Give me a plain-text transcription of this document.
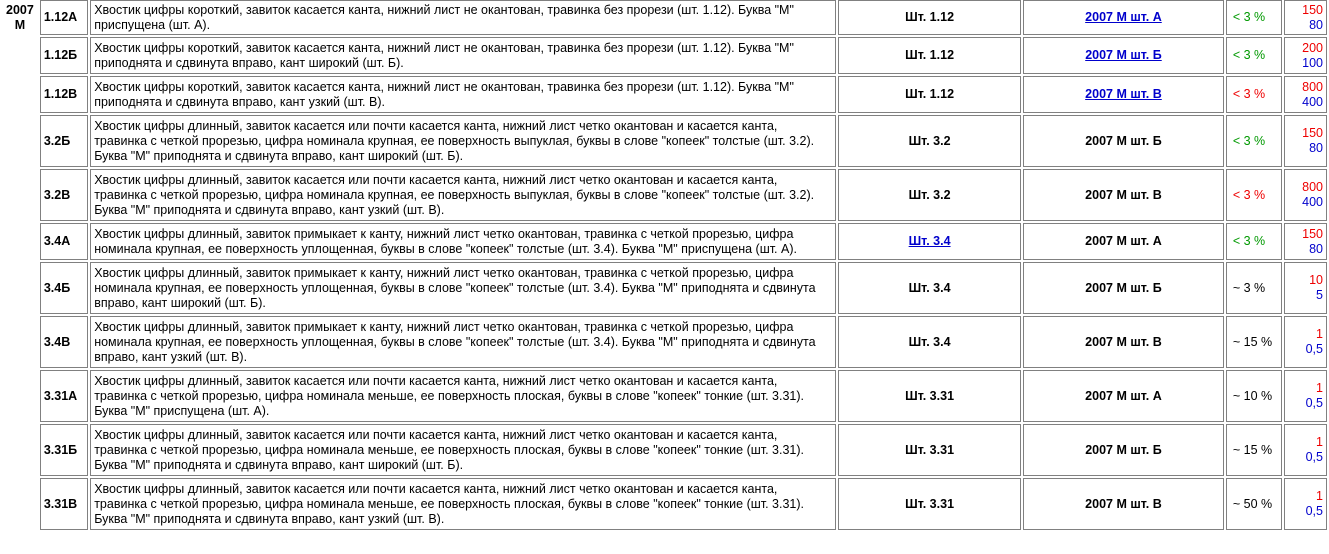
2007 М	1.12А	Хвостик цифры короткий, завиток касается канта, нижний лист не окантован, травинка без прорези (шт. 1.12). Буква "М" приспущена (шт. А).	Шт. 1.12	2007 М шт. А	< 3 %	150
80

	1.12Б	Хвостик цифры короткий, завиток касается канта, нижний лист не окантован, травинка без прорези (шт. 1.12). Буква "М" приподнята и сдвинута вправо, кант широкий (шт. Б).	Шт. 1.12	2007 М шт. Б	< 3 %	200
100

	1.12В	Хвостик цифры короткий, завиток касается канта, нижний лист не окантован, травинка без прорези (шт. 1.12). Буква "М" приподнята и сдвинута вправо, кант узкий (шт. В).	Шт. 1.12	2007 М шт. В	< 3 %	800
400

	3.2Б	Хвостик цифры длинный, завиток касается или почти касается канта, нижний лист четко окантован и касается канта, травинка с четкой прорезью, цифра номинала крупная, ее поверхность выпуклая, буквы в слове "копеек" толстые (шт. 3.2). Буква "М" приподнята и сдвинута вправо, кант широкий (шт. Б).	Шт. 3.2	2007 М шт. Б	< 3 %	150
80

	3.2В	Хвостик цифры длинный, завиток касается или почти касается канта, нижний лист четко окантован и касается канта, травинка с четкой прорезью, цифра номинала крупная, ее поверхность выпуклая, буквы в слове "копеек" толстые (шт. 3.2). Буква "М" приподнята и сдвинута вправо, кант узкий (шт. В).	Шт. 3.2	2007 М шт. В	< 3 %	800
400

	3.4А	Хвостик цифры длинный, завиток примыкает к канту, нижний лист четко окантован, травинка с четкой прорезью, цифра номинала крупная, ее поверхность уплощенная, буквы в слове "копеек" толстые (шт. 3.4). Буква "М" приспущена (шт. А).	Шт. 3.4	2007 М шт. А	< 3 %	150
80

	3.4Б	Хвостик цифры длинный, завиток примыкает к канту, нижний лист четко окантован, травинка с четкой прорезью, цифра номинала крупная, ее поверхность уплощенная, буквы в слове "копеек" толстые (шт. 3.4). Буква "М" приподнята и сдвинута вправо, кант широкий (шт. Б).	Шт. 3.4	2007 М шт. Б	~ 3 %	10
5

	3.4В	Хвостик цифры длинный, завиток примыкает к канту, нижний лист четко окантован, травинка с четкой прорезью, цифра номинала крупная, ее поверхность уплощенная, буквы в слове "копеек" толстые (шт. 3.4). Буква "М" приподнята и сдвинута вправо, кант узкий (шт. В).	Шт. 3.4	2007 М шт. В	~ 15 %	1
0,5

	3.31А	Хвостик цифры длинный, завиток касается или почти касается канта, нижний лист четко окантован и касается канта, травинка с четкой прорезью, цифра номинала меньше, ее поверхность плоская, буквы в слове "копеек" тонкие (шт. 3.31). Буква "М" приспущена (шт. А).	Шт. 3.31	2007 М шт. А	~ 10 %	1
0,5

	3.31Б	Хвостик цифры длинный, завиток касается или почти касается канта, нижний лист четко окантован и касается канта, травинка с четкой прорезью, цифра номинала меньше, ее поверхность плоская, буквы в слове "копеек" тонкие (шт. 3.31). Буква "М" приподнята и сдвинута вправо, кант широкий (шт. Б).	Шт. 3.31	2007 М шт. Б	~ 15 %	1
0,5

	3.31В	Хвостик цифры длинный, завиток касается или почти касается канта, нижний лист четко окантован и касается канта, травинка с четкой прорезью, цифра номинала меньше, ее поверхность плоская, буквы в слове "копеек" тонкие (шт. 3.31). Буква "М" приподнята и сдвинута вправо, кант узкий (шт. В).	Шт. 3.31	2007 М шт. В	~ 50 %	1
0,5
